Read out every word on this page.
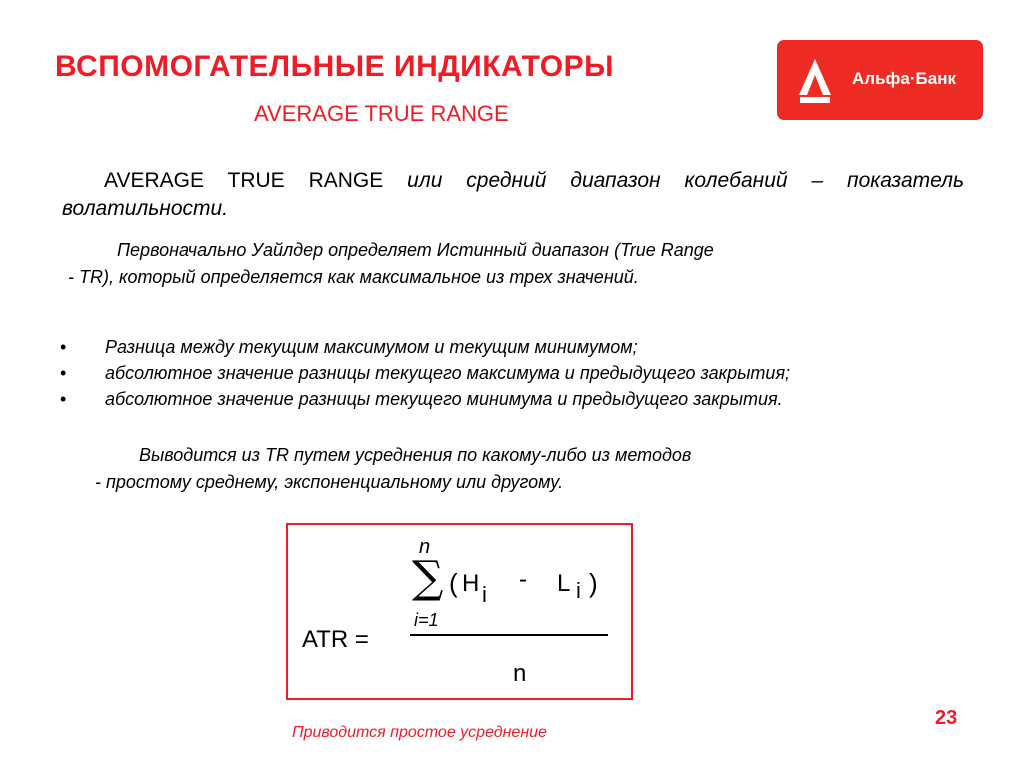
ВСПОМОГАТЕЛЬНЫЕ ИНДИКАТОРЫ
AVERAGE TRUE RANGE
Альфа·Банк
AVERAGE TRUE RANGE или средний диапазон колебаний – показатель волатильности.
Первоначально Уайлдер определяет Истинный диапазон (True Range
- TR), который определяется как максимальное из трех значений.
• Разница между текущим максимумом и текущим минимумом;
• абсолютное значение разницы текущего максимума и предыдущего закрытия;
• абсолютное значение разницы текущего минимума и предыдущего закрытия.
Выводится из TR путем усреднения по какому-либо из методов
- простому среднему, экспоненциальному или другому.
n
∑ ( H i
- L i )
i=1
ATR =
n
Приводится простое усреднение
23
